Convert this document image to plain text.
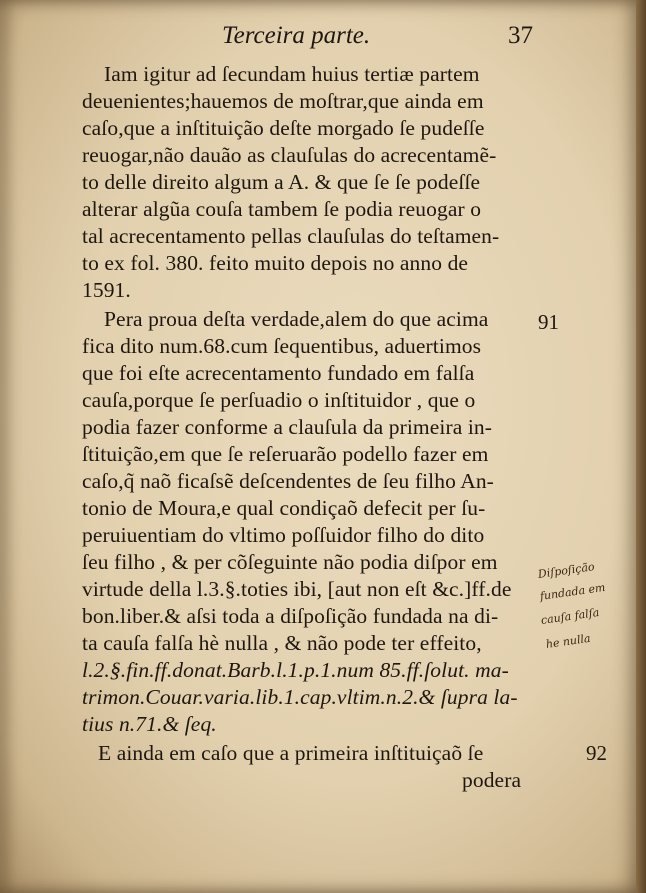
Terceira parte.	37
Iam igitur ad ſecundam huius tertiæ partem
deuenientes;hauemos de moſtrar,que ainda em
caſo,que a inſtituição deſte morgado ſe pudeſſe
reuogar,não dauão as clauſulas do acrecentamẽ-
to delle direito algum a A. & que ſe ſe podeſſe
alterar algũa couſa tambem ſe podia reuogar o
tal acrecentamento pellas clauſulas do teſtamen-
to ex fol. 380. feito muito depois no anno de
1591.
Pera proua deſta verdade,alem do que acima
fica dito num.68.cum ſequentibus, aduertimos
que foi eſte acrecentamento fundado em falſa
cauſa,porque ſe perſuadio o inſtituidor , que o
podia fazer conforme a clauſula da primeira in-
ſtituição,em que ſe reſeruarão podello fazer em
caſo,q̃ naõ ficaſsẽ deſcendentes de ſeu filho An-
tonio de Moura,e qual condiçaõ defecit per ſu-
peruiuentiam do vltimo poſſuidor filho do dito
ſeu filho , & per cõſeguinte não podia diſpor em
virtude della l.3.§.toties ibi, [aut non eſt &c.]ff.de
bon.liber.& aſsi toda a diſpoſição fundada na di-
ta cauſa falſa hè nulla , & não pode ter effeito,
l.2.§.fin.ff.donat.Barb.l.1.p.1.num 85.ff.ſolut. ma-
trimon.Couar.varia.lib.1.cap.vltim.n.2.& ſupra la-
tius n.71.& ſeq.
E ainda em caſo que a primeira inſtituiçaõ ſe
podera
91
92
Diſpoſição
fundada em
cauſa falſa
he nulla
